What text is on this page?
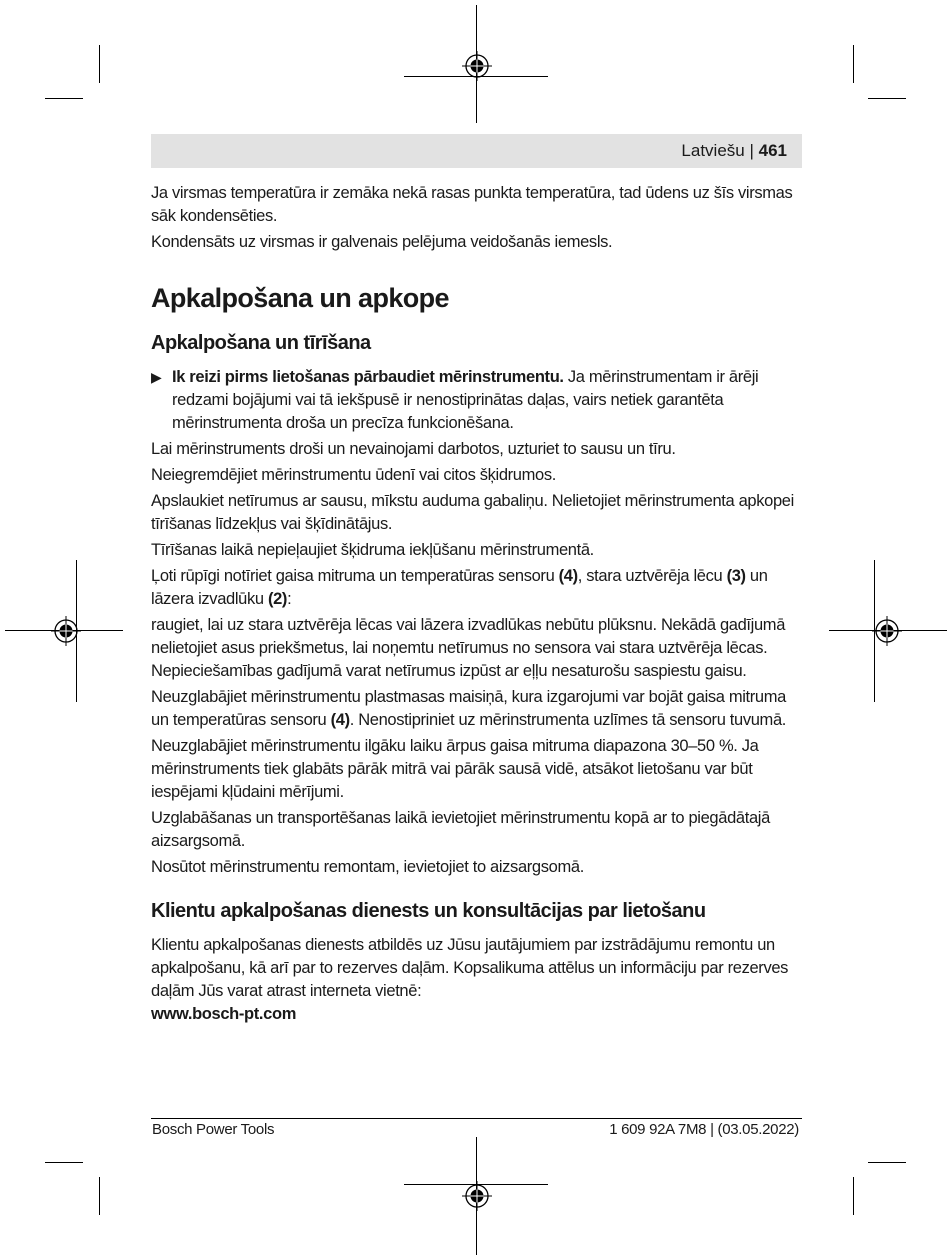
Latviešu | 461

Ja virsmas temperatūra ir zemāka nekā rasas punkta temperatūra, tad ūdens uz šīs virsmas sāk kondensēties.

Kondensāts uz virsmas ir galvenais pelējuma veidošanās iemesls.

Apkalpošana un apkope
Apkalpošana un tīrīšana
▶ Ik reizi pirms lietošanas pārbaudiet mērinstrumentu. Ja mērinstrumentam ir ārēji redzami bojājumi vai tā iekšpusē ir nenostiprinātas daļas, vairs netiek garantēta mērinstrumenta droša un precīza funkcionēšana.

Lai mērinstruments droši un nevainojami darbotos, uzturiet to sausu un tīru.

Neiegremdējiet mērinstrumentu ūdenī vai citos šķidrumos.

Apslaukiet netīrumus ar sausu, mīkstu auduma gabaliņu. Nelietojiet mērinstrumenta apkopei tīrīšanas līdzekļus vai šķīdinātājus.

Tīrīšanas laikā nepieļaujiet šķidruma iekļūšanu mērinstrumentā.

Ļoti rūpīgi notīriet gaisa mitruma un temperatūras sensoru (4), stara uztvērēja lēcu (3) un lāzera izvadlūku (2):

raugiet, lai uz stara uztvērēja lēcas vai lāzera izvadlūkas nebūtu plūksnu. Nekādā gadījumā nelietojiet asus priekšmetus, lai noņemtu netīrumus no sensora vai stara uztvērēja lēcas. Nepieciešamības gadījumā varat netīrumus izpūst ar eļļu nesaturošu saspiestu gaisu.

Neuzglabājiet mērinstrumentu plastmasas maisiņā, kura izgarojumi var bojāt gaisa mitruma un temperatūras sensoru (4). Nenostipriniet uz mērinstrumenta uzlīmes tā sensoru tuvumā.

Neuzglabājiet mērinstrumentu ilgāku laiku ārpus gaisa mitruma diapazona 30–50 %. Ja mērinstruments tiek glabāts pārāk mitrā vai pārāk sausā vidē, atsākot lietošanu var būt iespējami kļūdaini mērījumi.

Uzglabāšanas un transportēšanas laikā ievietojiet mērinstrumentu kopā ar to piegādātajā aizsargsomā.

Nosūtot mērinstrumentu remontam, ievietojiet to aizsargsomā.

Klientu apkalpošanas dienests un konsultācijas par lietošanu

Klientu apkalpošanas dienests atbildēs uz Jūsu jautājumiem par izstrādājumu remontu un apkalpošanu, kā arī par to rezerves daļām. Kopsalikuma attēlus un informāciju par rezerves daļām Jūs varat atrast interneta vietnē:

www.bosch-pt.com

Bosch Power Tools	1 609 92A 7M8 | (03.05.2022)
